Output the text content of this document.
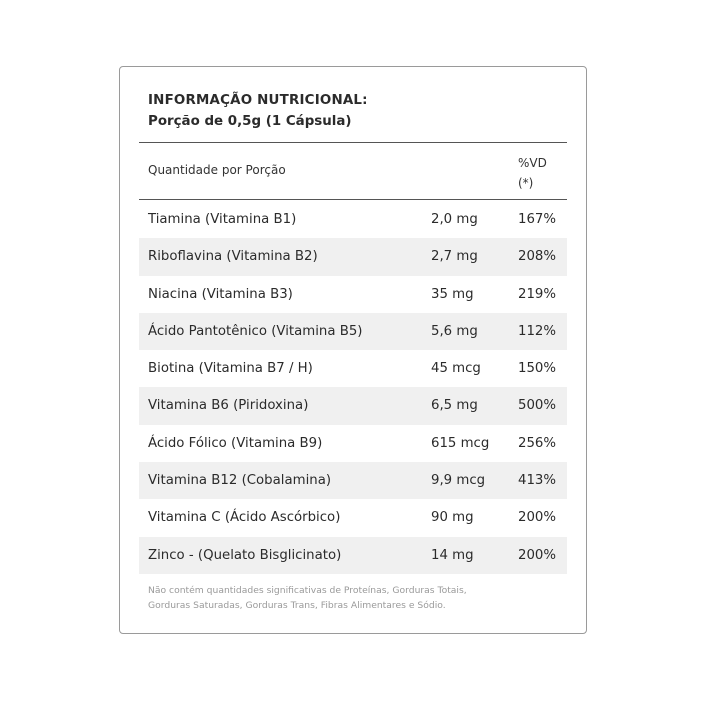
INFORMAÇÃO NUTRICIONAL:
Porção de 0,5g (1 Cápsula)
Quantidade por Porção	%VD
(*)
Tiamina (Vitamina B1)	2,0 mg	167%
Riboflavina (Vitamina B2)	2,7 mg	208%
Niacina (Vitamina B3)	35 mg	219%
Ácido Pantotênico (Vitamina B5)	5,6 mg	112%
Biotina (Vitamina B7 / H)	45 mcg	150%
Vitamina B6 (Piridoxina)	6,5 mg	500%
Ácido Fólico (Vitamina B9)	615 mcg 256%
Vitamina B12 (Cobalamina)	9,9 mcg 413%
Vitamina C (Ácido Ascórbico)	90 mg	200%
Zinco - (Quelato Bisglicinato)	14 mg	200%
Não contém quantidades significativas de Proteínas, Gorduras Totais,
Gorduras Saturadas, Gorduras Trans, Fibras Alimentares e Sódio.
